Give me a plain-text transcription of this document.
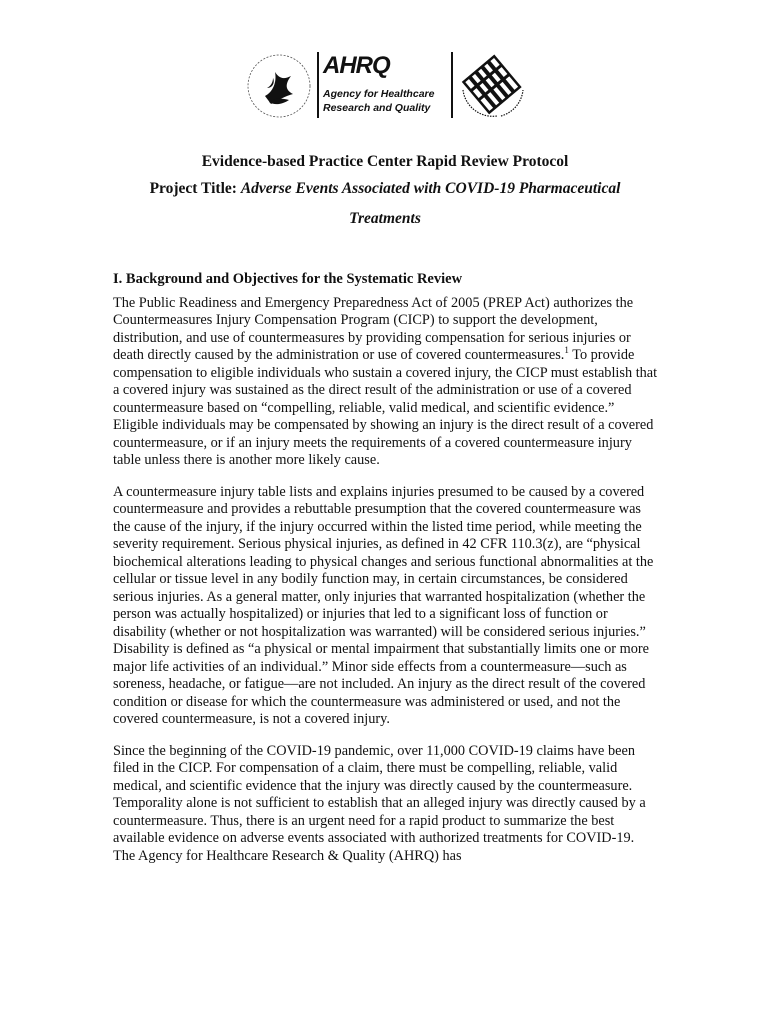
AHRQ
Agency for Healthcare
Research and Quality

Evidence-based Practice Center Rapid Review Protocol

Project Title: Adverse Events Associated with COVID-19 Pharmaceutical

Treatments

I. Background and Objectives for the Systematic Review

The Public Readiness and Emergency Preparedness Act of 2005 (PREP Act) authorizes the Countermeasures Injury Compensation Program (CICP) to support the development, distribution, and use of countermeasures by providing compensation for serious injuries or death directly caused by the administration or use of covered countermeasures.$^1$ To provide compensation to eligible individuals who sustain a covered injury, the CICP must establish that a covered injury was sustained as the direct result of the administration or use of a covered countermeasure based on “compelling, reliable, valid medical, and scientific evidence.” Eligible individuals may be compensated by showing an injury is the direct result of a covered countermeasure, or if an injury meets the requirements of a covered countermeasure injury table unless there is another more likely cause.

A countermeasure injury table lists and explains injuries presumed to be caused by a covered countermeasure and provides a rebuttable presumption that the covered countermeasure was the cause of the injury, if the injury occurred within the listed time period, while meeting the severity requirement. Serious physical injuries, as defined in 42 CFR 110.3(z), are “physical biochemical alterations leading to physical changes and serious functional abnormalities at the cellular or tissue level in any bodily function may, in certain circumstances, be considered serious injuries. As a general matter, only injuries that warranted hospitalization (whether the person was actually hospitalized) or injuries that led to a significant loss of function or disability (whether or not hospitalization was warranted) will be considered serious injuries.” Disability is defined as “a physical or mental impairment that substantially limits one or more major life activities of an individual.” Minor side effects from a countermeasure—such as soreness, headache, or fatigue—are not included. An injury as the direct result of the covered condition or disease for which the countermeasure was administered or used, and not the covered countermeasure, is not a covered injury.

Since the beginning of the COVID-19 pandemic, over 11,000 COVID-19 claims have been filed in the CICP. For compensation of a claim, there must be compelling, reliable, valid medical, and scientific evidence that the injury was directly caused by the countermeasure. Temporality alone is not sufficient to establish that an alleged injury was directly caused by a countermeasure. Thus, there is an urgent need for a rapid product to summarize the best available evidence on adverse events associated with authorized treatments for COVID-19. The Agency for Healthcare Research & Quality (AHRQ) has
